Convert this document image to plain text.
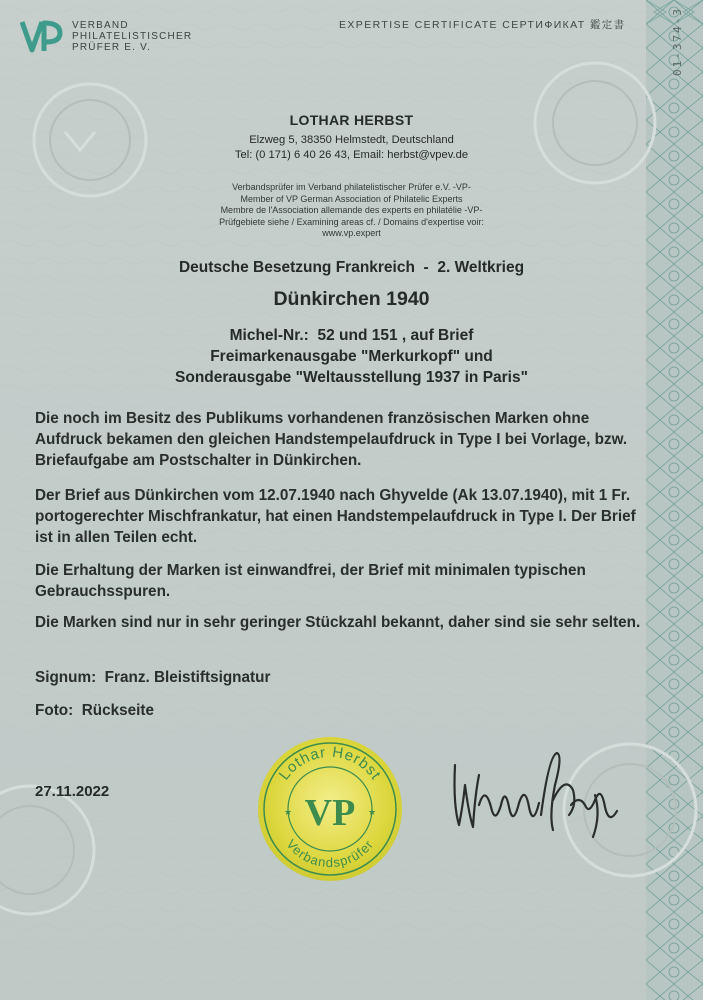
VERBAND
PHILATELISTISCHER
PRÜFER E. V.
EXPERTISE CERTIFICATE СЕРТИФИКАТ 鑑定書	01-374-3
LOTHAR HERBST
Elzweg 5, 38350 Helmstedt, Deutschland
Tel: (0 171) 6 40 26 43, Email: herbst@vpev.de
Verbandsprüfer im Verband philatelistischer Prüfer e.V. -VP-
Member of VP German Association of Philatelic Experts
Membre de l'Association allemande des experts en philatélie -VP-
Prüfgebiete siehe / Examining areas cf. / Domains d'expertise voir:
www.vp.expert
Deutsche Besetzung Frankreich  -  2. Weltkrieg
Dünkirchen 1940
Michel-Nr.:  52 und 151 , auf Brief
Freimarkenausgabe "Merkurkopf" und
Sonderausgabe "Weltausstellung 1937 in Paris"
Die noch im Besitz des Publikums vorhandenen französischen Marken ohne Aufdruck bekamen den gleichen Handstempelaufdruck in Type I bei Vorlage, bzw. Briefaufgabe am Postschalter in Dünkirchen.
Der Brief aus Dünkirchen vom 12.07.1940 nach Ghyvelde (Ak 13.07.1940), mit 1 Fr. portogerechter Mischfrankatur, hat einen Handstempelaufdruck in Type I. Der Brief ist in allen Teilen echt.
Die Erhaltung der Marken ist einwandfrei, der Brief mit minimalen typischen Gebrauchsspuren.
Die Marken sind nur in sehr geringer Stückzahl bekannt, daher sind sie sehr selten.
Signum:  Franz. Bleistiftsignatur
Foto:  Rückseite
27.11.2022
Lothar Herbst
Verbandsprüfer
VP
★	★
